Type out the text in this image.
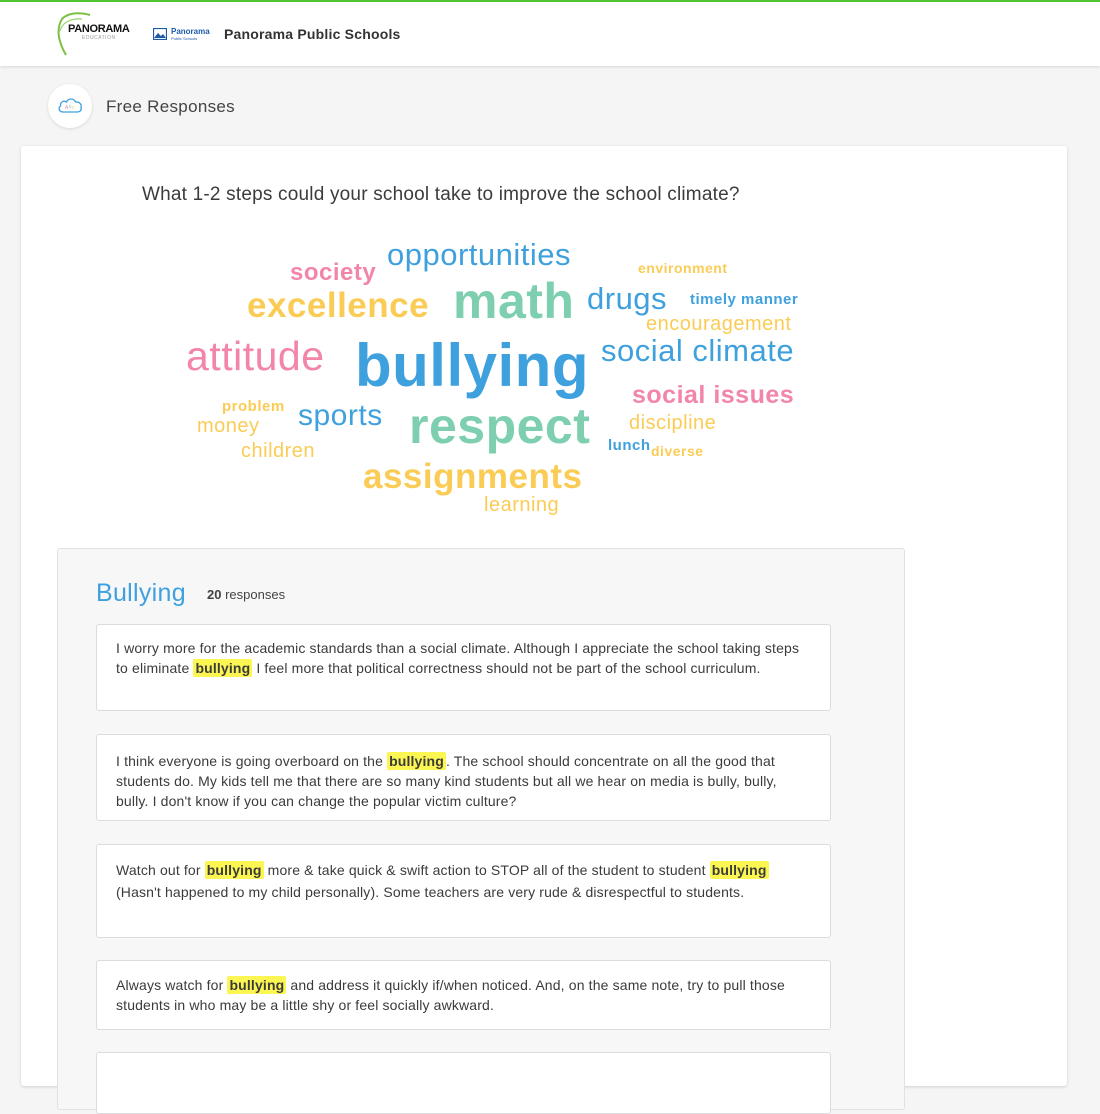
PANORAMA
EDUCATION
Panorama
Public Schools Panorama Public Schools
A b c Free Responses
What 1-2 steps could your school take to improve the school climate?
society
opportunities	environment
excellence math drugs timely manner
encouragement
attitude bullying social climate
social issues
problem sports respect discipline
money
children	lunch diverse
assignments
learning
Bullying 20 responses

I worry more for the academic standards than a social climate. Although I appreciate the school taking steps to eliminate bullying I feel more that political correctness should not be part of the school curriculum.

I think everyone is going overboard on the bullying . The school should concentrate on all the good that students do. My kids tell me that there are so many kind students but all we hear on media is bully, bully, bully. I don't know if you can change the popular victim culture?

Watch out for bullying more & take quick & swift action to STOP all of the student to student bullying (Hasn't happened to my child personally). Some teachers are very rude & disrespectful to students.

Always watch for bullying and address it quickly if/when noticed. And, on the same note, try to pull those students in who may be a little shy or feel socially awkward.
